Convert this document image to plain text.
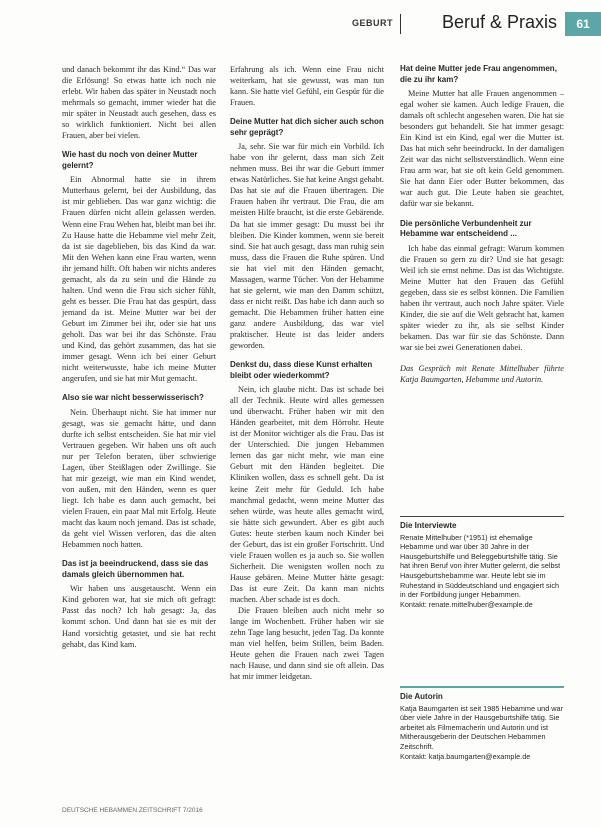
GEBURT	Beruf & Praxis	61

und danach bekommt ihr das Kind.“ Das war die Erlösung! So etwas hatte ich noch nie erlebt. Wir haben das später in Neustadt noch mehrmals so gemacht, immer wieder hat die mir später in Neustadt auch gesehen, dass es so wirklich funktioniert. Nicht bei allen Frauen, aber bei vielen.

Wie hast du noch von deiner Mutter gelernt?

Ein Abnormal hatte sie in ihrem Mutterhaus gelernt, bei der Ausbildung, das ist mir geblieben. Das war ganz wichtig: die Frauen dürfen nicht allein gelassen werden. Wenn eine Frau Wehen hat, bleibt man bei ihr. Zu Hause hatte die Hebamme viel mehr Zeit, da ist sie dageblieben, bis das Kind da war. Mit den Wehen kann eine Frau warten, wenn ihr jemand hilft. Oft haben wir nichts anderes gemacht, als da zu sein und die Hände zu halten. Und wenn die Frau sich sicher fühlt, geht es besser. Die Frau hat das gespürt, dass jemand da ist. Meine Mutter war bei der Geburt im Zimmer bei ihr, oder sie hat uns geholt. Das war bei ihr das Schönste. Frau und Kind, das gehört zusammen, das hat sie immer gesagt. Wenn ich bei einer Geburt nicht weiterwusste, habe ich meine Mutter angerufen, und sie hat mir Mut gemacht.

Also sie war nicht besserwisserisch?

Nein. Überhaupt nicht. Sie hat immer nur gesagt, was sie gemacht hätte, und dann durfte ich selbst entscheiden. Sie hat mir viel Vertrauen gegeben. Wir haben uns oft auch nur per Telefon beraten, über schwierige Lagen, über Steißlagen oder Zwillinge. Sie hat mir gezeigt, wie man ein Kind wendet, von außen, mit den Händen, wenn es quer liegt. Ich habe es dann auch gemacht, bei vielen Frauen, ein paar Mal mit Erfolg. Heute macht das kaum noch jemand. Das ist schade, da geht viel Wissen verloren, das die alten Hebammen noch hatten.

Das ist ja beeindruckend, dass sie das damals gleich übernommen hat.

Wir haben uns ausgetauscht. Wenn ein Kind geboren war, hat sie mich oft gefragt: Passt das noch? Ich hab gesagt: Ja, das kommt schon. Und dann hat sie es mit der Hand vorsichtig getastet, und sie hat recht gehabt, das Kind kam.

Erfahrung als ich. Wenn eine Frau nicht weiterkam, hat sie gewusst, was man tun kann. Sie hatte viel Gefühl, ein Gespür für die Frauen.

Deine Mutter hat dich sicher auch schon sehr geprägt?

Ja, sehr. Sie war für mich ein Vorbild. Ich habe von ihr gelernt, dass man sich Zeit nehmen muss. Bei ihr war die Geburt immer etwas Natürliches. Sie hat keine Angst gehabt. Das hat sie auf die Frauen übertragen. Die Frauen haben ihr vertraut. Die Frau, die am meisten Hilfe braucht, ist die erste Gebärende. Da hat sie immer gesagt: Du musst bei ihr bleiben. Die Kinder kommen, wenn sie bereit sind. Sie hat auch gesagt, dass man ruhig sein muss, dass die Frauen die Ruhe spüren. Und sie hat viel mit den Händen gemacht, Massagen, warme Tücher. Von der Hebamme hat sie gelernt, wie man den Damm schützt, dass er nicht reißt. Das habe ich dann auch so gemacht. Die Hebammen früher hatten eine ganz andere Ausbildung, das war viel praktischer. Heute ist das leider anders geworden.

Denkst du, dass diese Kunst erhalten bleibt oder wiederkommt?

Nein, ich glaube nicht. Das ist schade bei all der Technik. Heute wird alles gemessen und überwacht. Früher haben wir mit den Händen gearbeitet, mit dem Hörrohr. Heute ist der Monitor wichtiger als die Frau. Das ist der Unterschied. Die jungen Hebammen lernen das gar nicht mehr, wie man eine Geburt mit den Händen begleitet. Die Kliniken wollen, dass es schnell geht. Da ist keine Zeit mehr für Geduld. Ich habe manchmal gedacht, wenn meine Mutter das sehen würde, was heute alles gemacht wird, sie hätte sich gewundert. Aber es gibt auch Gutes: heute sterben kaum noch Kinder bei der Geburt, das ist ein großer Fortschritt. Und viele Frauen wollen es ja auch so. Sie wollen Sicherheit. Die wenigsten wollen noch zu Hause gebären. Meine Mutter hätte gesagt: Das ist eure Zeit. Da kann man nichts machen. Aber schade ist es doch.

Die Frauen bleiben auch nicht mehr so lange im Wochenbett. Früher haben wir sie zehn Tage lang besucht, jeden Tag. Da konnte man viel helfen, beim Stillen, beim Baden. Heute gehen die Frauen nach zwei Tagen nach Hause, und dann sind sie oft allein. Das hat mir immer leidgetan.

Hat deine Mutter jede Frau angenommen, die zu ihr kam?

Meine Mutter hat alle Frauen angenommen – egal woher sie kamen. Auch ledige Frauen, die damals oft schlecht angesehen waren. Die hat sie besonders gut behandelt. Sie hat immer gesagt: Ein Kind ist ein Kind, egal wer die Mutter ist. Das hat mich sehr beeindruckt. In der damaligen Zeit war das nicht selbstverständlich. Wenn eine Frau arm war, hat sie oft kein Geld genommen. Sie hat dann Eier oder Butter bekommen, das war auch gut. Die Leute haben sie geachtet, dafür war sie bekannt.

Die persönliche Verbundenheit zur Hebamme war entscheidend ...

Ich habe das einmal gefragt: Warum kommen die Frauen so gern zu dir? Und sie hat gesagt: Weil ich sie ernst nehme. Das ist das Wichtigste. Meine Mutter hat den Frauen das Gefühl gegeben, dass sie es selbst können. Die Familien haben ihr vertraut, auch noch Jahre später. Viele Kinder, die sie auf die Welt gebracht hat, kamen später wieder zu ihr, als sie selbst Kinder bekamen. Das war für sie das Schönste. Dann war sie bei zwei Generationen dabei.

Das Gespräch mit Renate Mittelhuber führte Katja Baumgarten, Hebamme und Autorin.

Die Interviewte

Renate Mittelhuber (*1951) ist ehemalige Hebamme und war über 30 Jahre in der Hausgeburtshilfe und Beleggeburtshilfe tätig. Sie hat ihren Beruf von ihrer Mutter gelernt, die selbst Hausgeburtshebamme war. Heute lebt sie im Ruhestand in Süddeutschland und engagiert sich in der Fortbildung junger Hebammen.

Kontakt: renate.mittelhuber@example.de

Die Autorin

Katja Baumgarten ist seit 1985 Hebamme und war über viele Jahre in der Hausgeburtshilfe tätig. Sie arbeitet als Filmemacherin und Autorin und ist Mitherausgeberin der Deutschen Hebammen Zeitschrift.

Kontakt: katja.baumgarten@example.de

DEUTSCHE HEBAMMEN ZEITSCHRIFT 7/2016
